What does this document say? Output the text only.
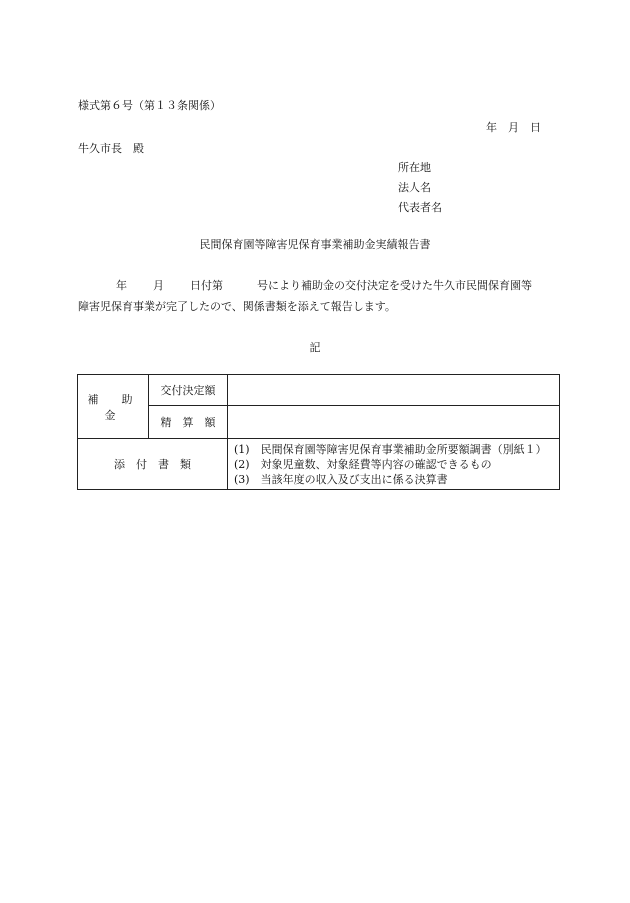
様式第６号（第１３条関係）
年　月　日
牛久市長　殿
所在地
法人名
代表者名
民間保育園等障害児保育事業補助金実績報告書
年 月 日付第	号により補助金の交付決定を受けた牛久市民間保育園等
障害児保育事業が完了したので、関係書類を添えて報告します。
記
補　助　金	交付決定額	
	精　算　額	
添　付　書　類		(1)　民間保育園等障害児保育事業補助金所要額調書（別紙１）
(2)　対象児童数、対象経費等内容の確認できるもの
(3)　当該年度の収入及び支出に係る決算書
